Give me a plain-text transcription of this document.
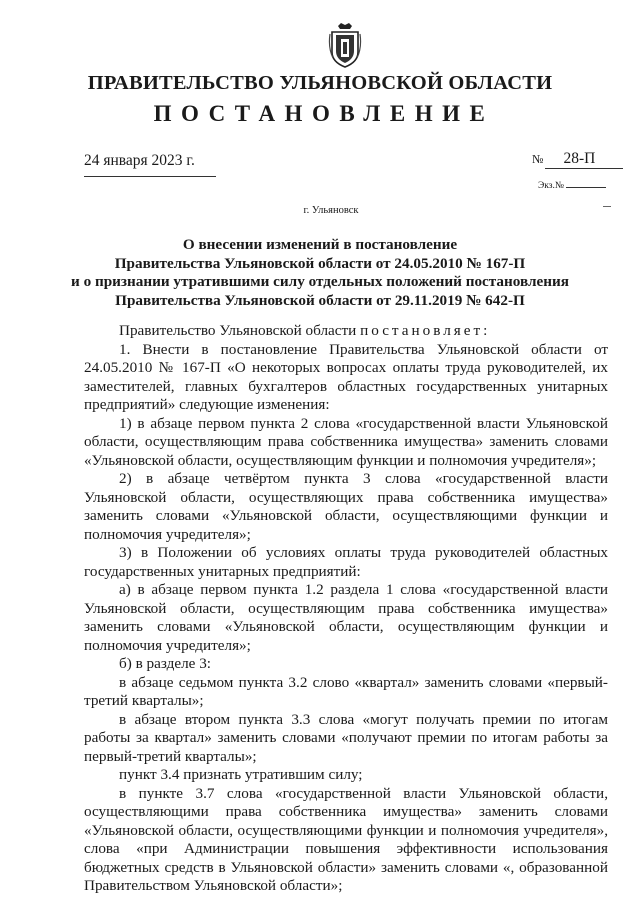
ПРАВИТЕЛЬСТВО УЛЬЯНОВСКОЙ ОБЛАСТИ
ПОСТАНОВЛЕНИЕ
24 января 2023 г.	№ 28-П
Экз.№
г. Ульяновск
О внесении изменений в постановление
Правительства Ульяновской области от 24.05.2010 № 167-П
и о признании утратившими силу отдельных положений постановления
Правительства Ульяновской области от 29.11.2019 № 642-П

Правительство Ульяновской области постановляет:

1. Внести в постановление Правительства Ульяновской области от 24.05.2010 № 167-П «О некоторых вопросах оплаты труда руководителей, их заместителей, главных бухгалтеров областных государственных унитарных предприятий» следующие изменения:

1) в абзаце первом пункта 2 слова «государственной власти Ульяновской области, осуществляющим права собственника имущества» заменить словами «Ульяновской области, осуществляющим функции и полномочия учредителя»;

2) в абзаце четвёртом пункта 3 слова «государственной власти Ульяновской области, осуществляющих права собственника имущества» заменить словами «Ульяновской области, осуществляющими функции и полномочия учредителя»;

3) в Положении об условиях оплаты труда руководителей областных государственных унитарных предприятий:

а) в абзаце первом пункта 1.2 раздела 1 слова «государственной власти Ульяновской области, осуществляющим права собственника имущества» заменить словами «Ульяновской области, осуществляющим функции и полномочия учредителя»;

б) в разделе 3:

в абзаце седьмом пункта 3.2 слово «квартал» заменить словами «первый-третий кварталы»;

в абзаце втором пункта 3.3 слова «могут получать премии по итогам работы за квартал» заменить словами «получают премии по итогам работы за первый-третий кварталы»;

пункт 3.4 признать утратившим силу;

в пункте 3.7 слова «государственной власти Ульяновской области, осуществляющими права собственника имущества» заменить словами «Ульяновской области, осуществляющими функции и полномочия учредителя», слова «при Администрации повышения эффективности использования бюджетных средств в Ульяновской области» заменить словами «, образованной Правительством Ульяновской области»;
